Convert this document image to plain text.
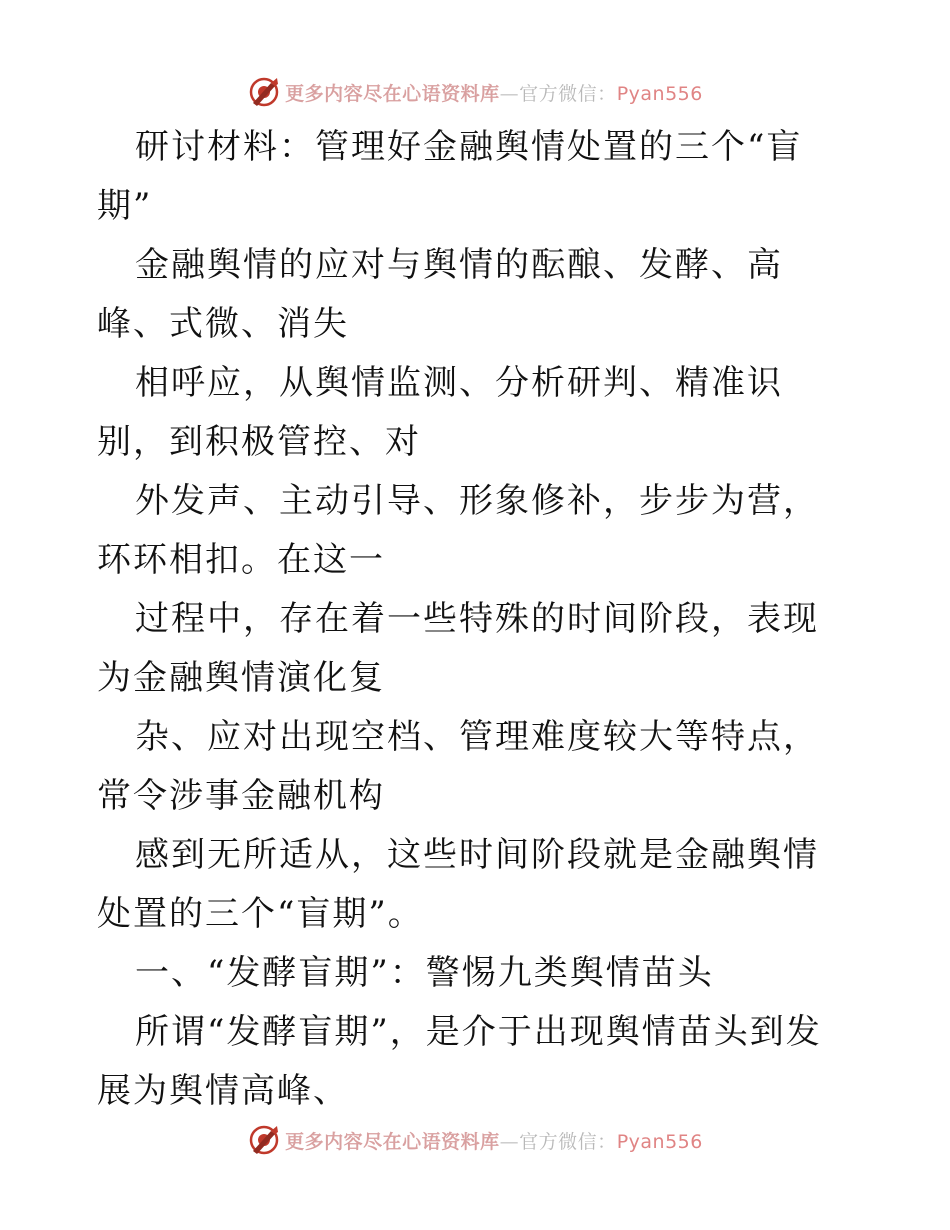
更多内容尽在心语资料库—官方微信：Pyan556

研讨材料：管理好金融舆情处置的三个“盲期”

金融舆情的应对与舆情的酝酿、发酵、高峰、式微、消失

相呼应，从舆情监测、分析研判、精准识别，到积极管控、对

外发声、主动引导、形象修补，步步为营，环环相扣。在这一

过程中，存在着一些特殊的时间阶段，表现为金融舆情演化复

杂、应对出现空档、管理难度较大等特点，常令涉事金融机构

感到无所适从，这些时间阶段就是金融舆情处置的三个“盲期”。

一、“发酵盲期”：警惕九类舆情苗头

所谓“发酵盲期”，是介于出现舆情苗头到发展为舆情高峰、

更多内容尽在心语资料库—官方微信：Pyan556
